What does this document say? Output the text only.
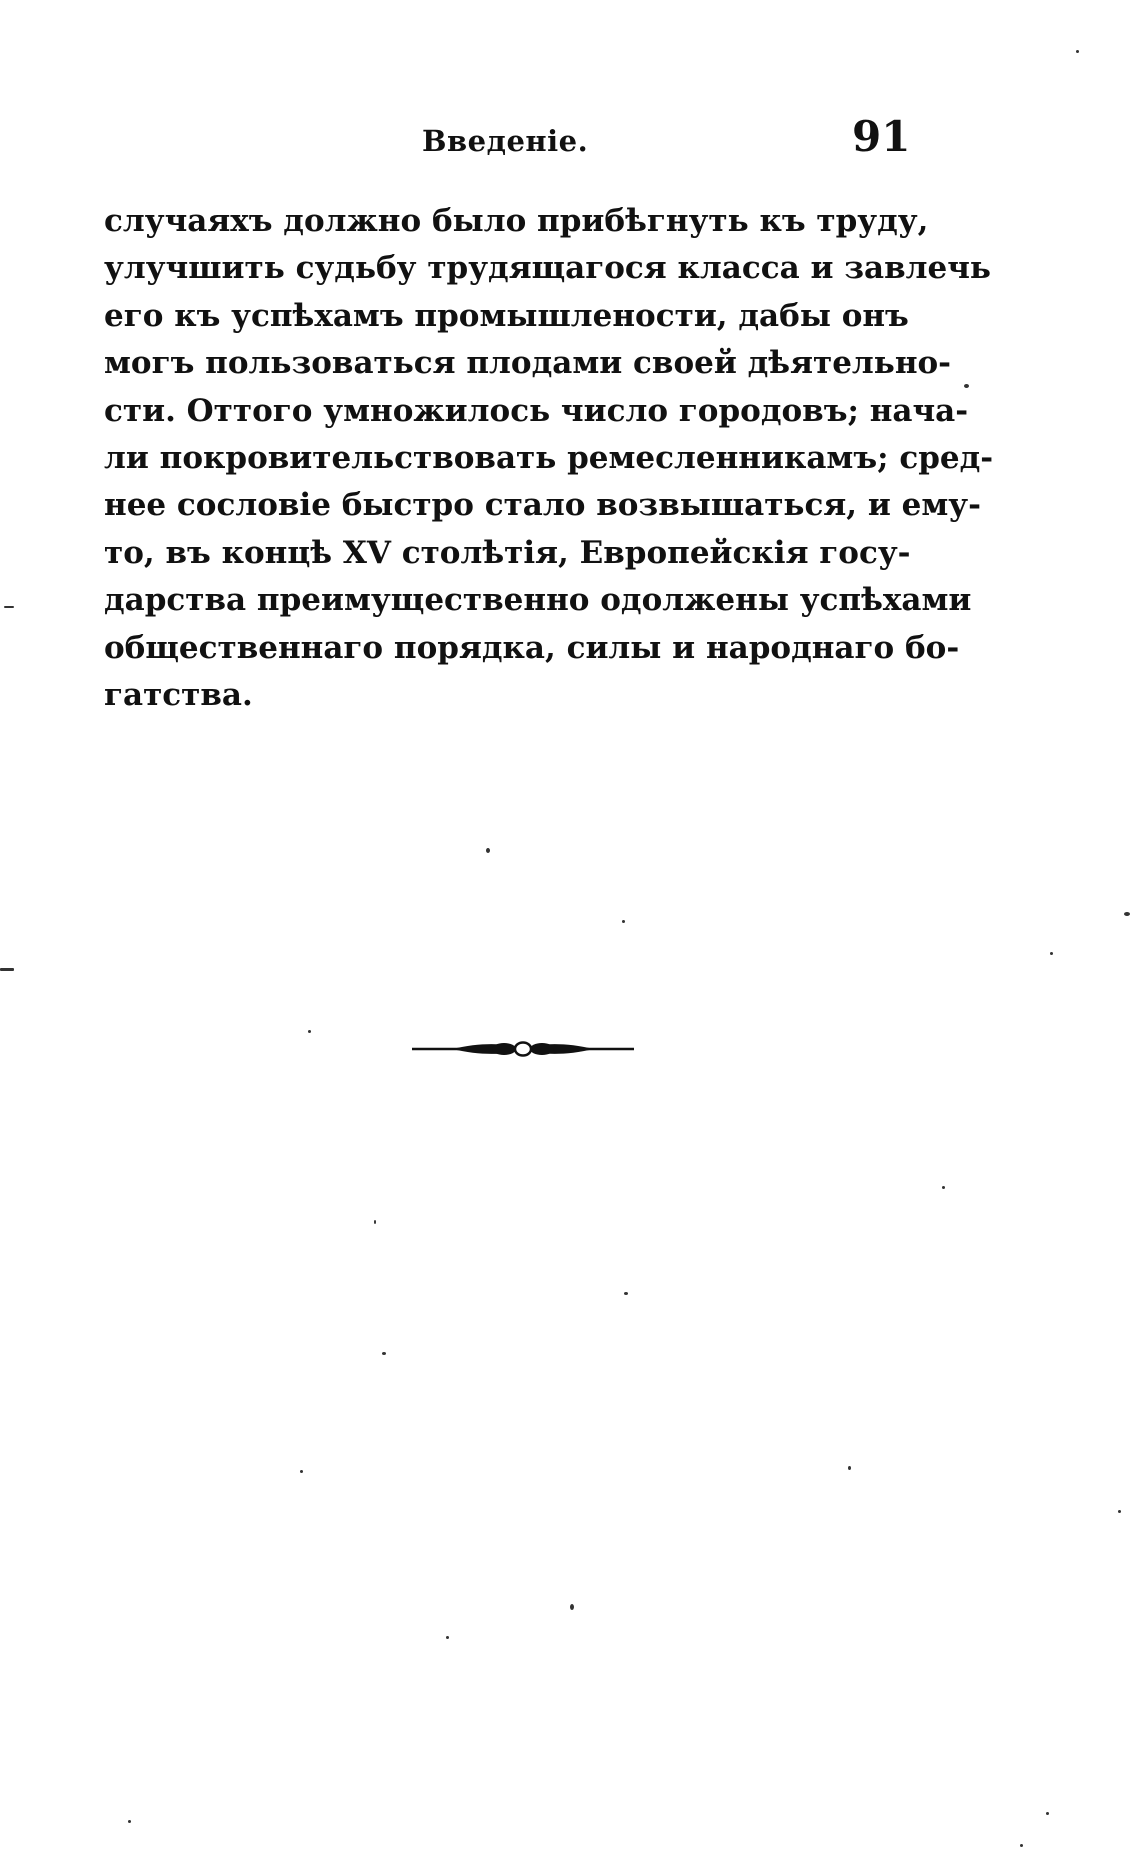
Введеніе.	91
случаяхъ должно было прибѣгнуть къ труду,
улучшить судьбу трудящагося класса и завлечь
его къ успѣхамъ промышлености, дабы онъ
могъ пользоваться плодами своей дѣятельно-
сти. Оттого умножилось число городовъ; нача-
ли покровительствовать ремесленникамъ; сред-
нее сословіе быстро стало возвышаться, и ему-
то, въ концѣ XV столѣтія, Европейскія госу-
дарства преимущественно одолжены успѣхами
общественнаго порядка, силы и народнаго бо-
гатства.
